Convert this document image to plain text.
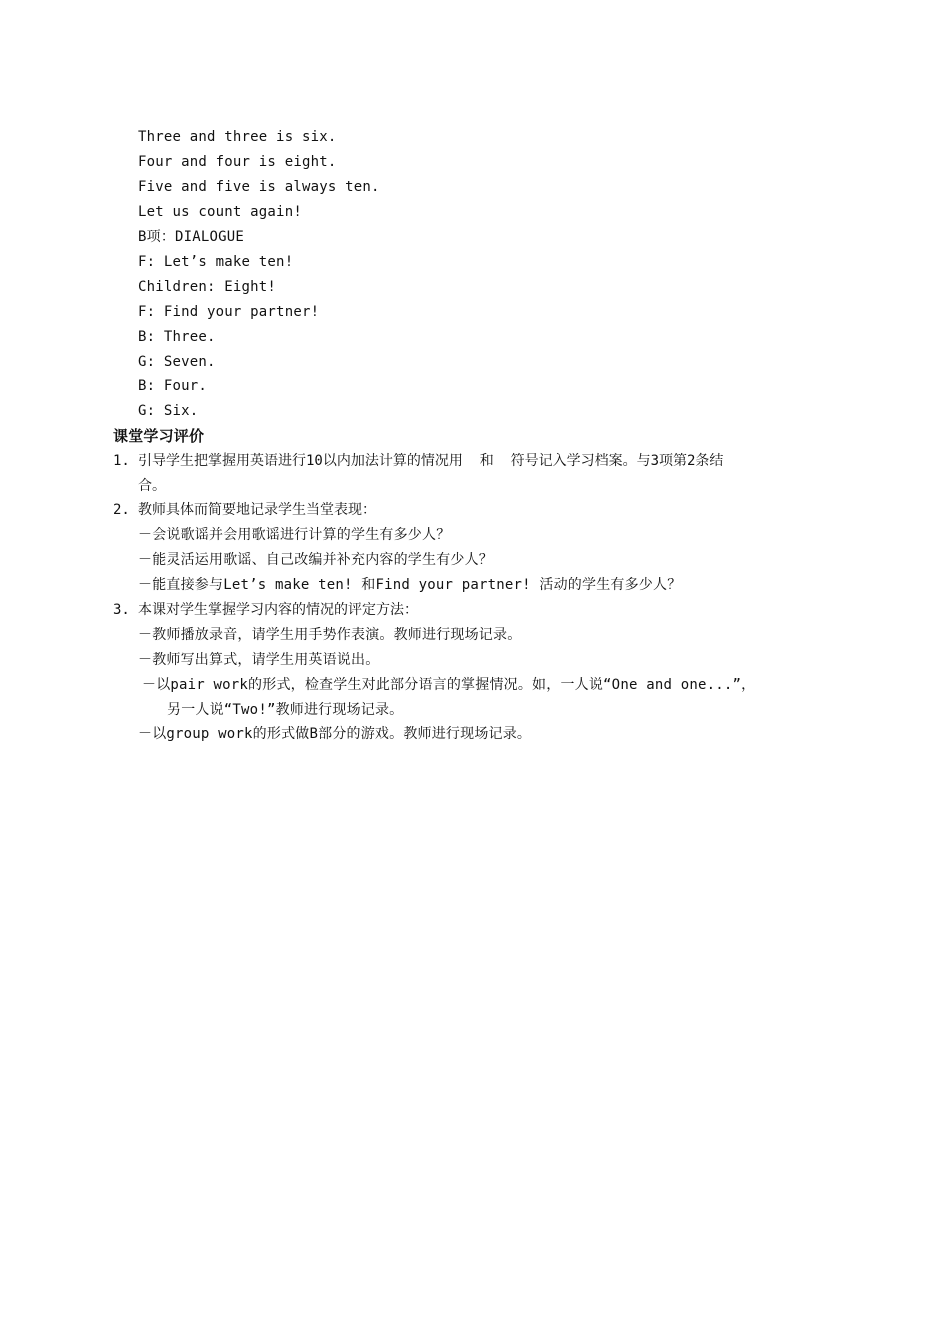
Three and three is six.
Four and four is eight.
Five and five is always ten.
Let us count again!
B项：DIALOGUE
F: Let’s make ten!
Children: Eight!
F: Find your partner!
B: Three.
G: Seven.
B: Four.
G: Six.
课堂学习评价
1. 引导学生把掌握用英语进行10以内加法计算的情况用  和  符号记入学习档案。与3项第2条结
合。
2. 教师具体而简要地记录学生当堂表现：
－会说歌谣并会用歌谣进行计算的学生有多少人？
－能灵活运用歌谣、自己改编并补充内容的学生有少人？
－能直接参与Let’s make ten! 和Find your partner! 活动的学生有多少人？
3. 本课对学生掌握学习内容的情况的评定方法：
－教师播放录音，请学生用手势作表演。教师进行现场记录。
－教师写出算式，请学生用英语说出。
－以pair work的形式，检查学生对此部分语言的掌握情况。如，一人说“One and one...”，
另一人说“Two!”教师进行现场记录。
－以group work的形式做B部分的游戏。教师进行现场记录。
